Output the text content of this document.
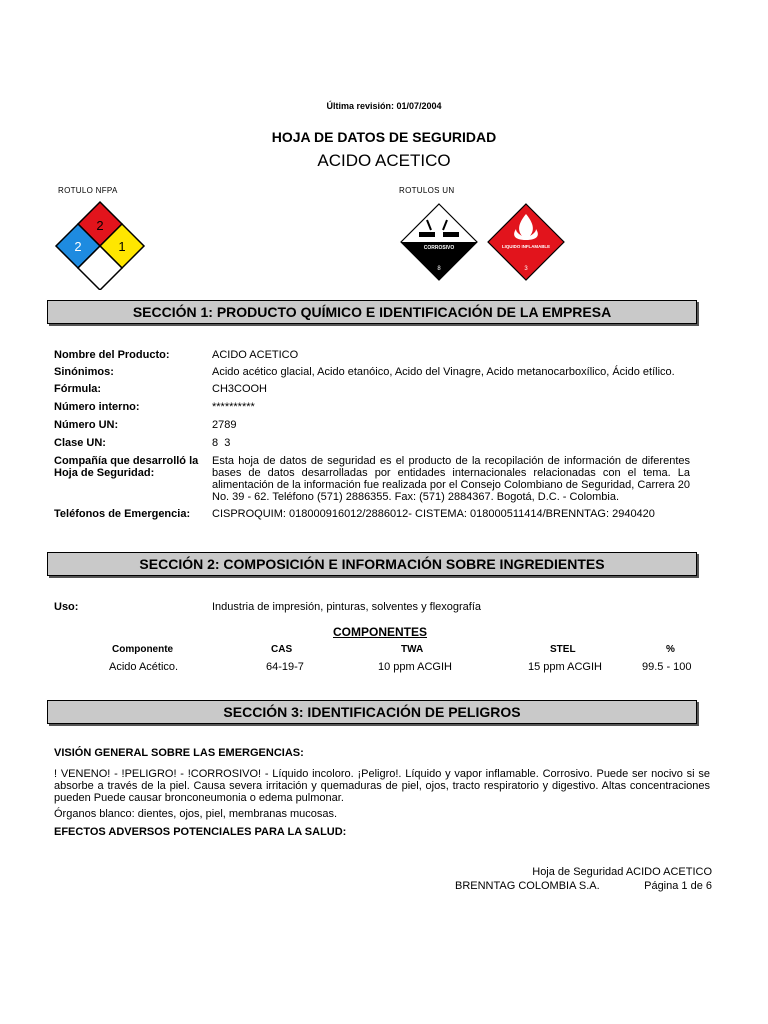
Última revisión: 01/07/2004
HOJA DE DATOS DE SEGURIDAD
ACIDO ACETICO
ROTULO NFPA	ROTULOS UN
2
2	1	CORROSIVO
8
LIQUIDO INFLAMABLE
3
SECCIÓN 1: PRODUCTO QUÍMICO E IDENTIFICACIÓN DE LA EMPRESA
Nombre del Producto:	ACIDO ACETICO
Sinónimos:	Acido acético glacial, Acido etanóico, Acido del Vinagre, Acido metanocarboxílico, Ácido etílico.
Fórmula:	CH3COOH
Número interno:	**********
Número UN:	2789
Clase UN:	8  3
Compañía que desarrolló la Hoja de Seguridad:
Esta hoja de datos de seguridad es el producto de la recopilación de información de diferentes bases de datos desarrolladas por entidades internacionales relacionadas con el tema. La alimentación de la información fue realizada por el Consejo Colombiano de Seguridad, Carrera 20 No. 39 - 62. Teléfono (571) 2886355. Fax: (571) 2884367. Bogotá, D.C. - Colombia.
Teléfonos de Emergencia: CISPROQUIM: 018000916012/2886012- CISTEMA: 018000511414/BRENNTAG: 2940420
SECCIÓN 2: COMPOSICIÓN E INFORMACIÓN SOBRE INGREDIENTES
Uso:	Industria de impresión, pinturas, solventes y flexografía
COMPONENTES
Componente	CAS	TWA	STEL	%
Acido Acético.	64-19-7	10 ppm ACGIH	15 ppm ACGIH	99.5 - 100
SECCIÓN 3: IDENTIFICACIÓN DE PELIGROS
VISIÓN GENERAL SOBRE LAS EMERGENCIAS:
! VENENO! - !PELIGRO! - !CORROSIVO! - Líquido incoloro. ¡Peligro!. Líquido y vapor inflamable. Corrosivo. Puede ser nocivo si se absorbe a través de la piel. Causa severa irritación y quemaduras de piel, ojos, tracto respiratorio y digestivo. Altas concentraciones pueden Puede causar bronconeumonia o edema pulmonar.
Órganos blanco: dientes, ojos, piel, membranas mucosas.
EFECTOS ADVERSOS POTENCIALES PARA LA SALUD:
Hoja de Seguridad ACIDO ACETICO
BRENNTAG COLOMBIA S.A.	Página 1 de 6
